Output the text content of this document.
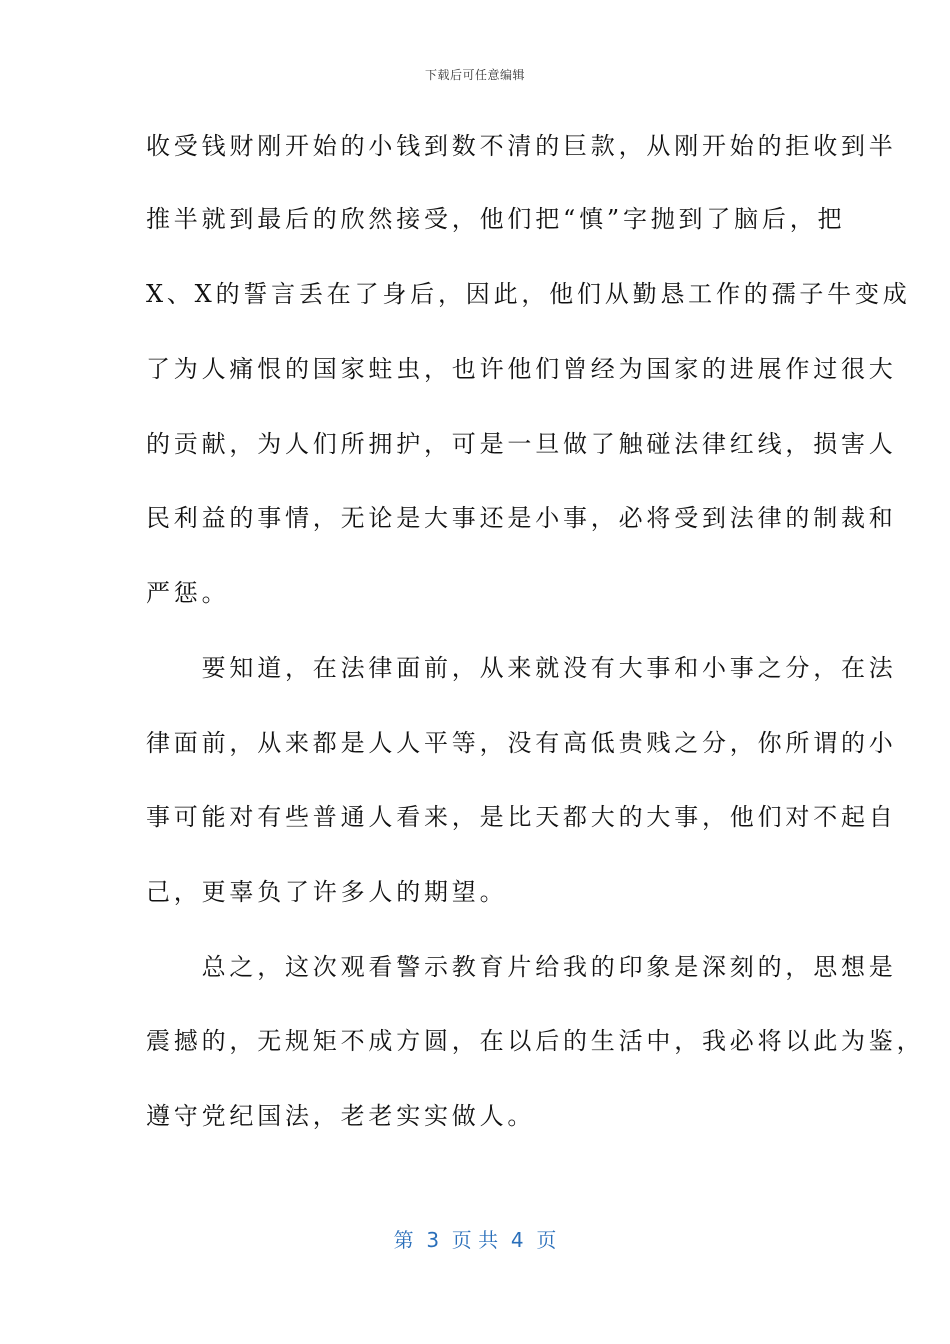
下载后可任意编辑
收受钱财刚开始的小钱到数不清的巨款，从刚开始的拒收到半
推半就到最后的欣然接受，他们把“慎”字抛到了脑后，把
X、X的誓言丢在了身后，因此，他们从勤恳工作的孺子牛变成
了为人痛恨的国家蛀虫，也许他们曾经为国家的进展作过很大
的贡献，为人们所拥护，可是一旦做了触碰法律红线，损害人
民利益的事情，无论是大事还是小事，必将受到法律的制裁和
严惩。
　　要知道，在法律面前，从来就没有大事和小事之分，在法
律面前，从来都是人人平等，没有高低贵贱之分，你所谓的小
事可能对有些普通人看来，是比天都大的大事，他们对不起自
己，更辜负了许多人的期望。
　　总之，这次观看警示教育片给我的印象是深刻的，思想是
震撼的，无规矩不成方圆，在以后的生活中，我必将以此为鉴，
遵守党纪国法，老老实实做人。
第  3  页 共  4  页
